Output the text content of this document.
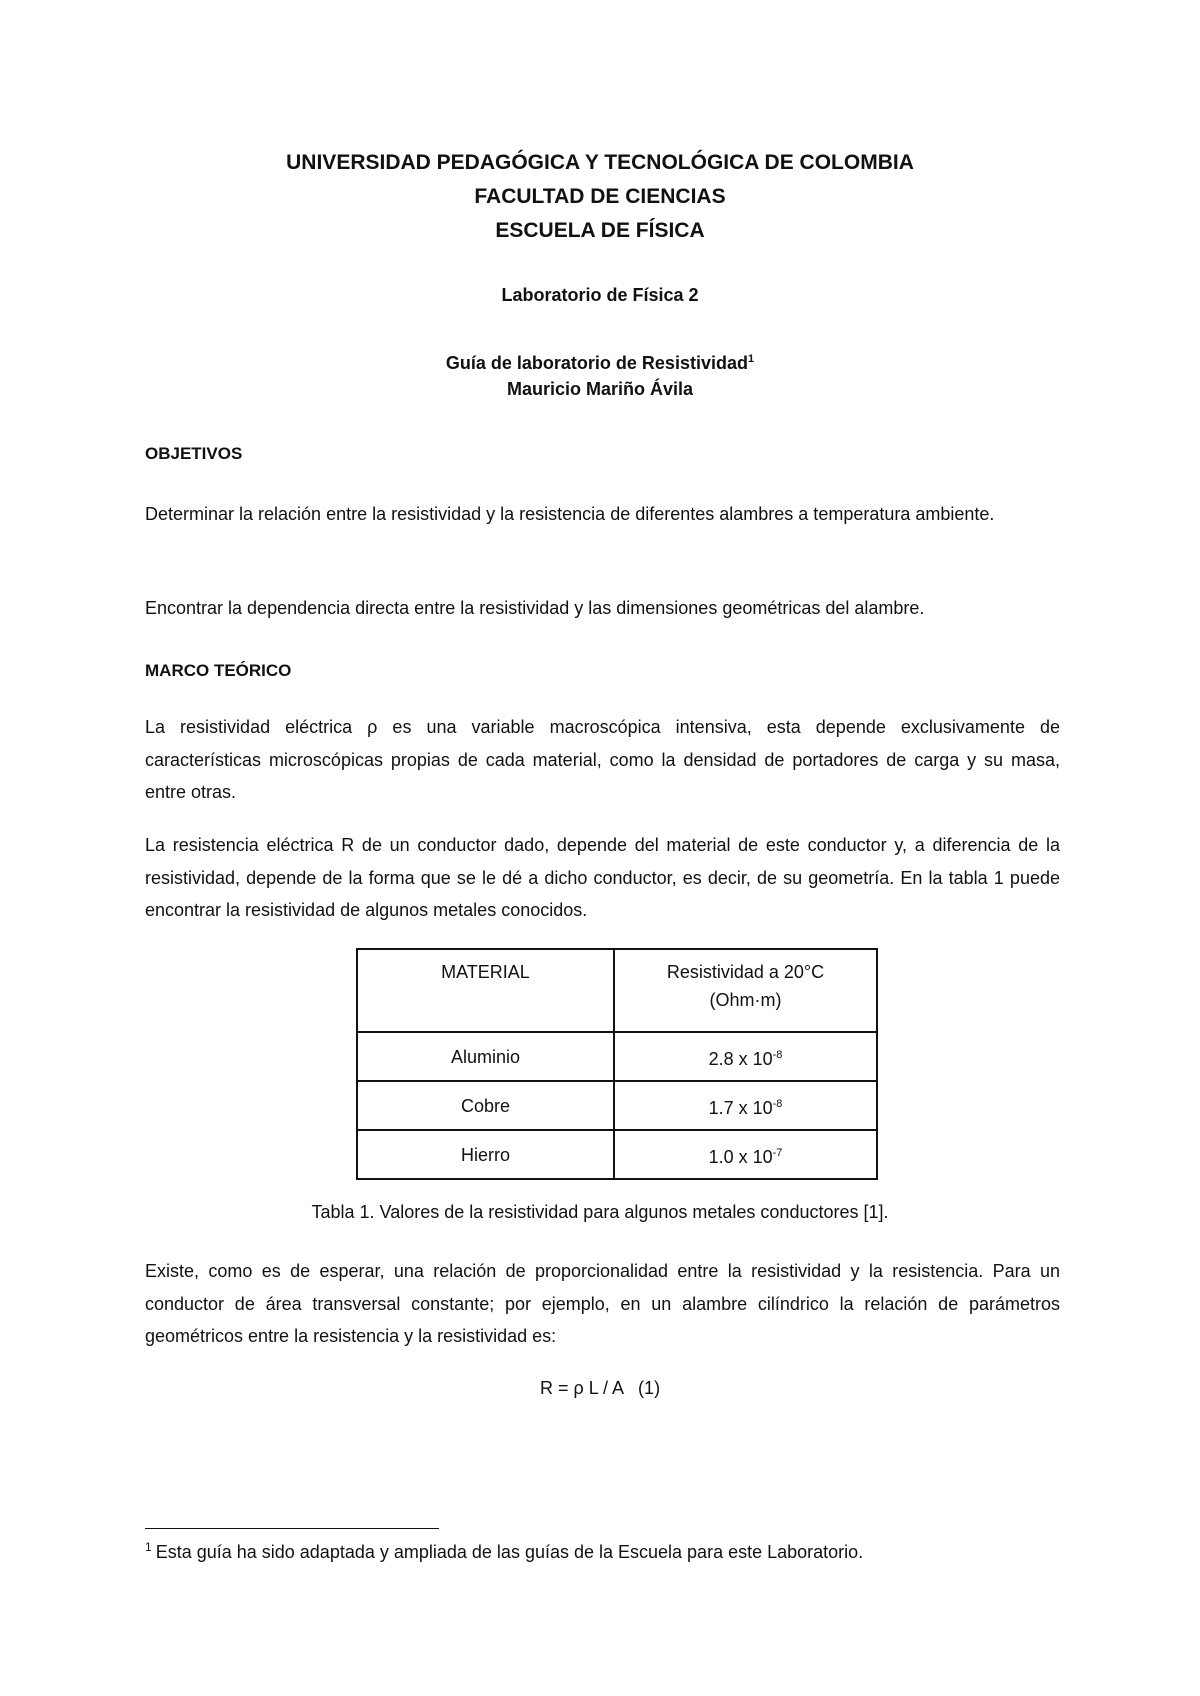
UNIVERSIDAD PEDAGÓGICA Y TECNOLÓGICA DE COLOMBIA
FACULTAD DE CIENCIAS
ESCUELA DE FÍSICA
Laboratorio de Física 2
Guía de laboratorio de Resistividad$^1$
Mauricio Mariño Ávila
OBJETIVOS
Determinar la relación entre la resistividad y la resistencia de diferentes alambres a temperatura ambiente.
Encontrar la dependencia directa entre la resistividad y las dimensiones geométricas del alambre.
MARCO TEÓRICO
La resistividad eléctrica ρ es una variable macroscópica intensiva, esta depende exclusivamente de características microscópicas propias de cada material, como la densidad de portadores de carga y su masa, entre otras.
La resistencia eléctrica R de un conductor dado, depende del material de este conductor y, a diferencia de la resistividad, depende de la forma que se le dé a dicho conductor, es decir, de su geometría. En la tabla 1 puede encontrar la resistividad de algunos metales conocidos.
MATERIAL	Resistividad a 20°C
(Ohm·m)

Aluminio	2.8 x $10^{-8}$
Cobre	1.7 x $10^{-8}$
Hierro	1.0 x $10^{-7}$
Tabla 1. Valores de la resistividad para algunos metales conductores [1].
Existe, como es de esperar, una relación de proporcionalidad entre la resistividad y la resistencia. Para un conductor de área transversal constante; por ejemplo, en un alambre cilíndrico la relación de parámetros geométricos entre la resistencia y la resistividad es:
R = ρ L / A   (1)
$^1$ Esta guía ha sido adaptada y ampliada de las guías de la Escuela para este Laboratorio.
